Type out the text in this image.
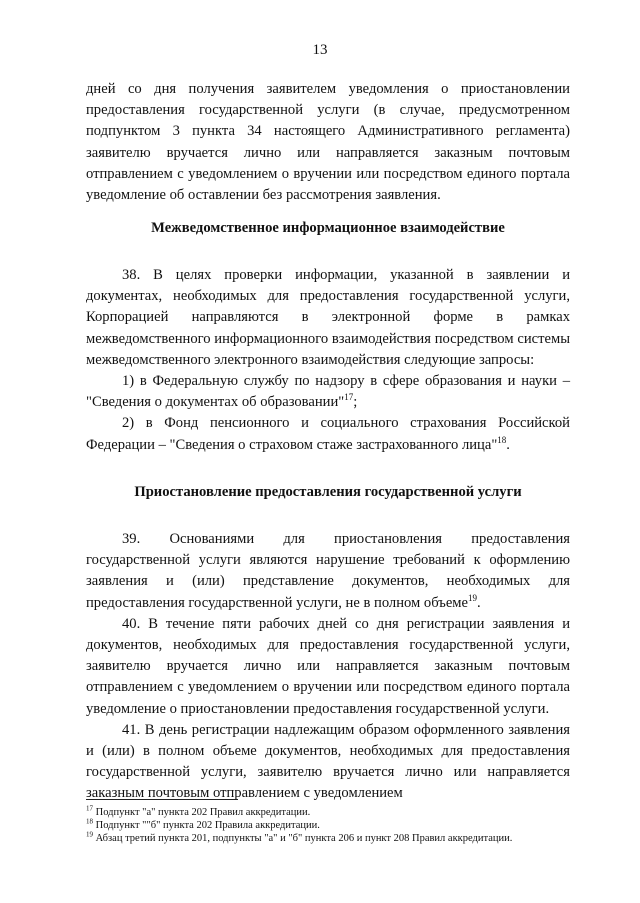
13

дней со дня получения заявителем уведомления о приостановлении предоставления государственной услуги (в случае, предусмотренном подпунктом 3 пункта 34 настоящего Административного регламента) заявителю вручается лично или направляется заказным почтовым отправлением с уведомлением о вручении или посредством единого портала уведомление об оставлении без рассмотрения заявления.

Межведомственное информационное взаимодействие

38. В целях проверки информации, указанной в заявлении и документах, необходимых для предоставления государственной услуги, Корпорацией направляются в электронной форме в рамках межведомственного информационного взаимодействия посредством системы межведомственного электронного взаимодействия следующие запросы:

1) в Федеральную службу по надзору в сфере образования и науки – "Сведения о документах об образовании"$^{17}$;

2) в Фонд пенсионного и социального страхования Российской Федерации – "Сведения о страховом стаже застрахованного лица"$^{18}$.

Приостановление предоставления государственной услуги

39. Основаниями для приостановления предоставления государственной услуги являются нарушение требований к оформлению заявления и (или) представление документов, необходимых для предоставления государственной услуги, не в полном объеме$^{19}$.

40. В течение пяти рабочих дней со дня регистрации заявления и документов, необходимых для предоставления государственной услуги, заявителю вручается лично или направляется заказным почтовым отправлением с уведомлением о вручении или посредством единого портала уведомление о приостановлении предоставления государственной услуги.

41. В день регистрации надлежащим образом оформленного заявления и (или) в полном объеме документов, необходимых для предоставления государственной услуги, заявителю вручается лично или направляется заказным почтовым отправлением с уведомлением

$^{17}$ Подпункт "а" пункта 202 Правил аккредитации.
$^{18}$ Подпункт ""б" пункта 202 Правила аккредитации.
$^{19}$ Абзац третий пункта 201, подпункты "а" и "б" пункта 206 и пункт 208 Правил аккредитации.
